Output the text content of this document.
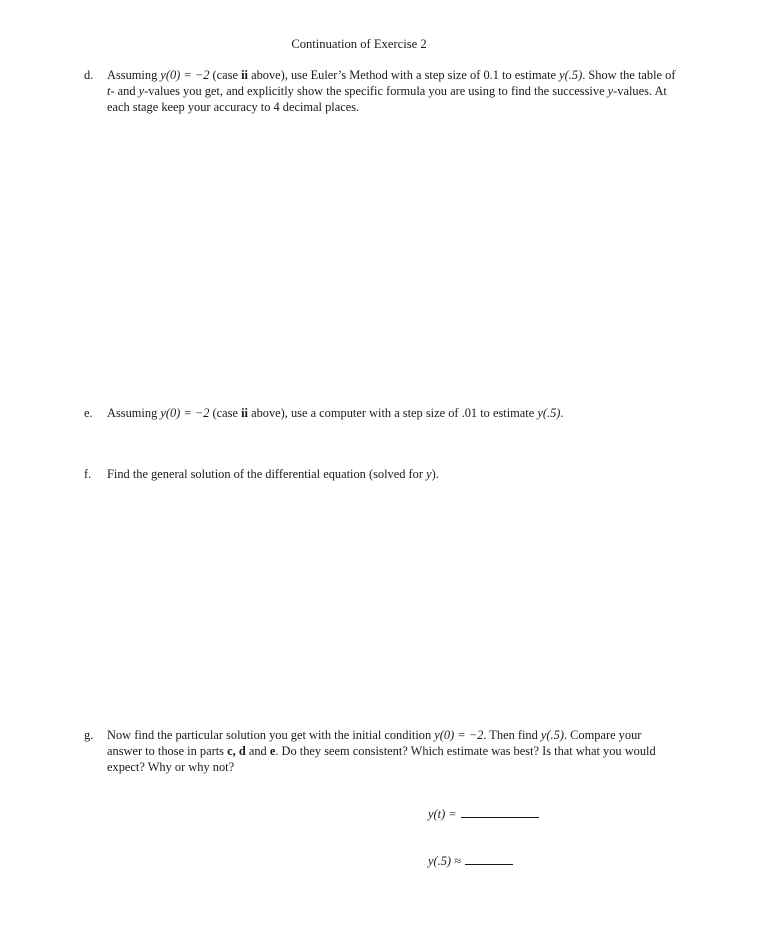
Continuation of Exercise 2
d. Assuming y(0) = −2 (case ii above), use Euler’s Method with a step size of 0.1 to estimate y(.5). Show the table of

t- and y-values you get, and explicitly show the specific formula you are using to find the successive y-values. At

each stage keep your accuracy to 4 decimal places.

e. Assuming y(0) = −2 (case ii above), use a computer with a step size of .01 to estimate y(.5).

f. Find the general solution of the differential equation (solved for y).

g. Now find the particular solution you get with the initial condition y(0) = −2. Then find y(.5). Compare your

answer to those in parts c, d and e. Do they seem consistent? Which estimate was best? Is that what you would

expect? Why or why not?

y(t) =
y(.5) ≈
